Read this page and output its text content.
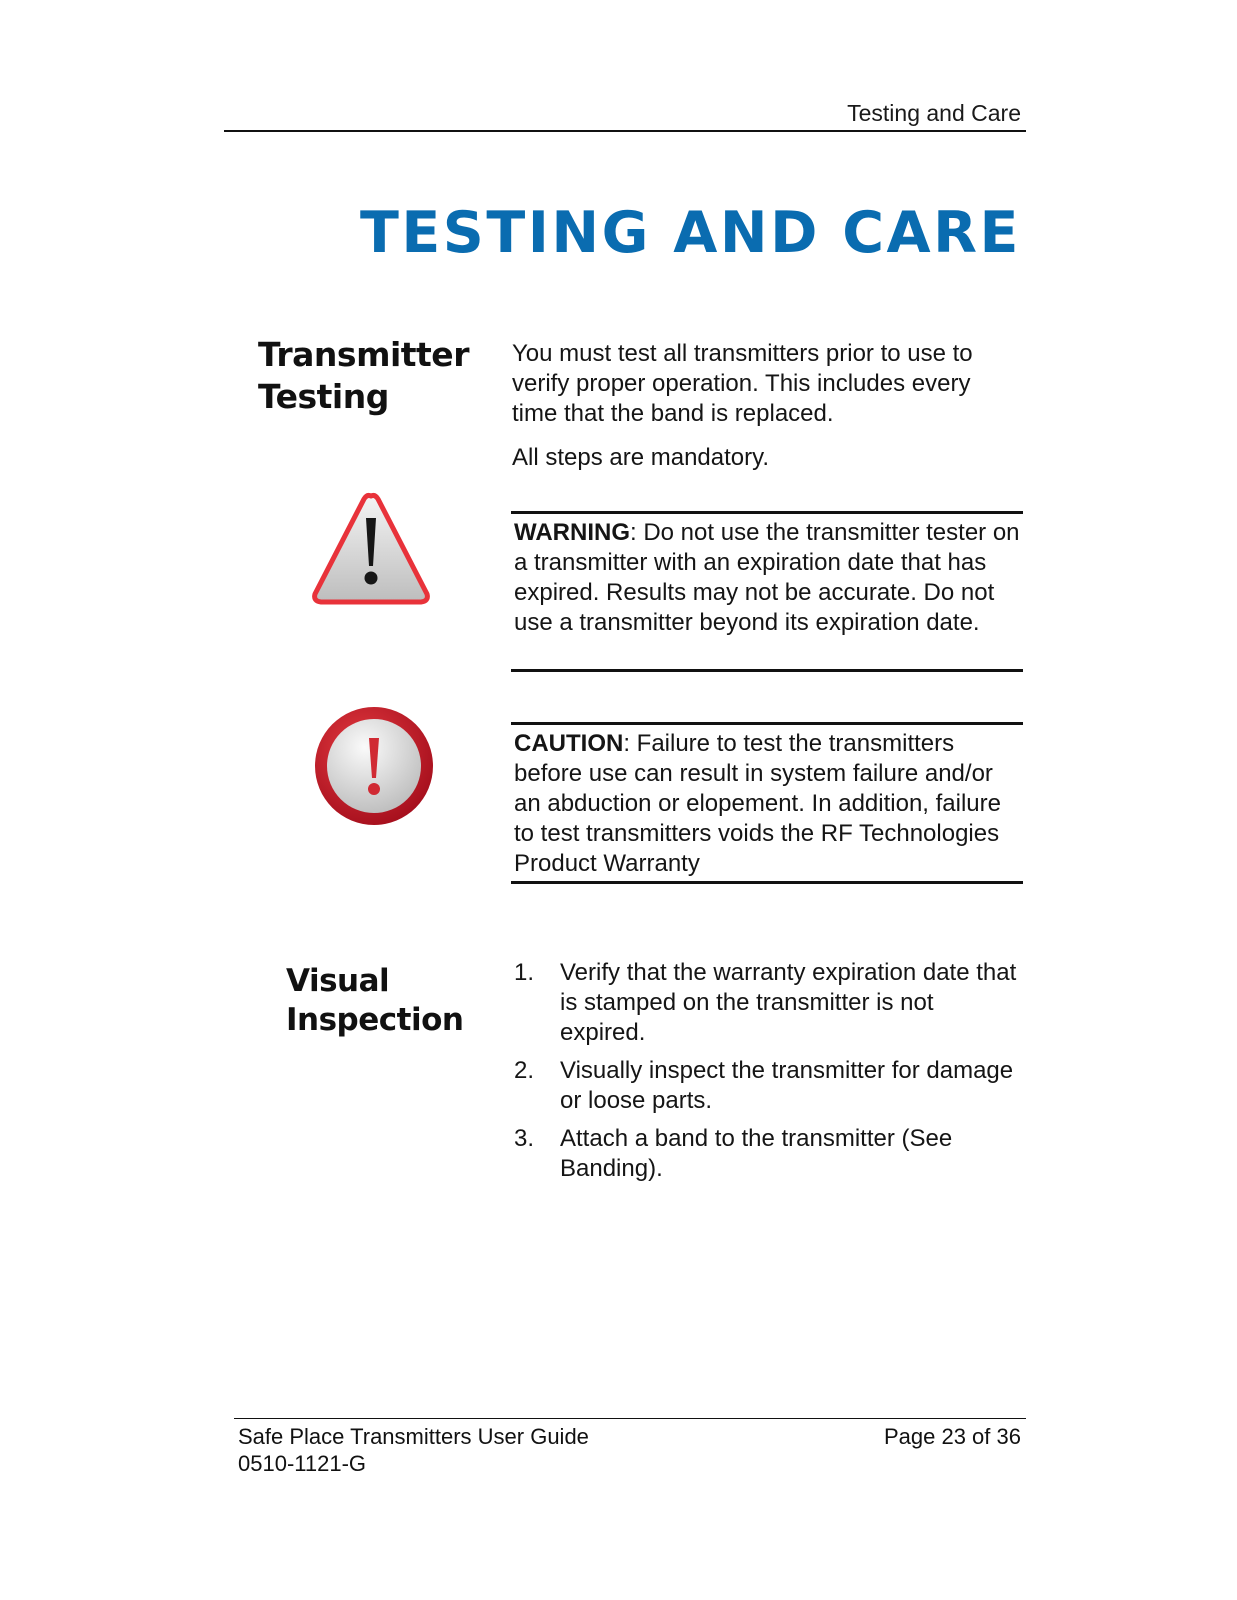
Testing and Care
TESTING AND CARE
Transmitter
Testing

You must test all transmitters prior to use to verify proper operation. This includes every time that the band is replaced.

All steps are mandatory.

WARNING: Do not use the transmitter tester on a transmitter with an expiration date that has expired. Results may not be accurate. Do not use a transmitter beyond its expiration date.
CAUTION: Failure to test the transmitters before use can result in system failure and/or an abduction or elopement. In addition, failure to test transmitters voids the RF Technologies Product Warranty
Visual
Inspection
1. Verify that the warranty expiration date that is stamped on the transmitter is not expired.
2. Visually inspect the transmitter for damage or loose parts.
3. Attach a band to the transmitter (See Banding).
Safe Place Transmitters User Guide
0510-1121-G
Page 23 of 36
